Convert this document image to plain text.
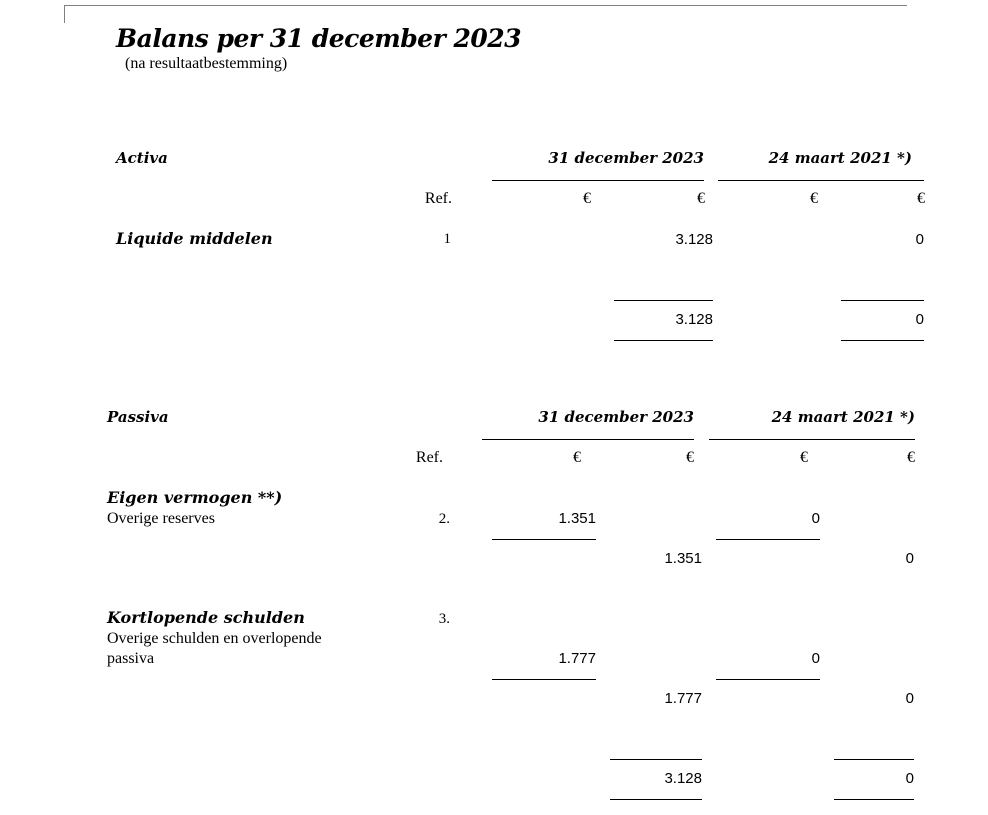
Balans per 31 december 2023
(na resultaatbestemming)
Activa	31 december 2023	24 maart 2021 *)
Ref.	€	€	€	€
Liquide middelen	1	3.128	0
3.128	0
Passiva	31 december 2023	24 maart 2021 *)
Ref.	€	€	€	€
Eigen vermogen **)
Overige reserves	2.	1.351	0
1.351	0
Kortlopende schulden	3.
Overige schulden en overlopende
passiva	1.777	0
1.777	0
3.128	0
